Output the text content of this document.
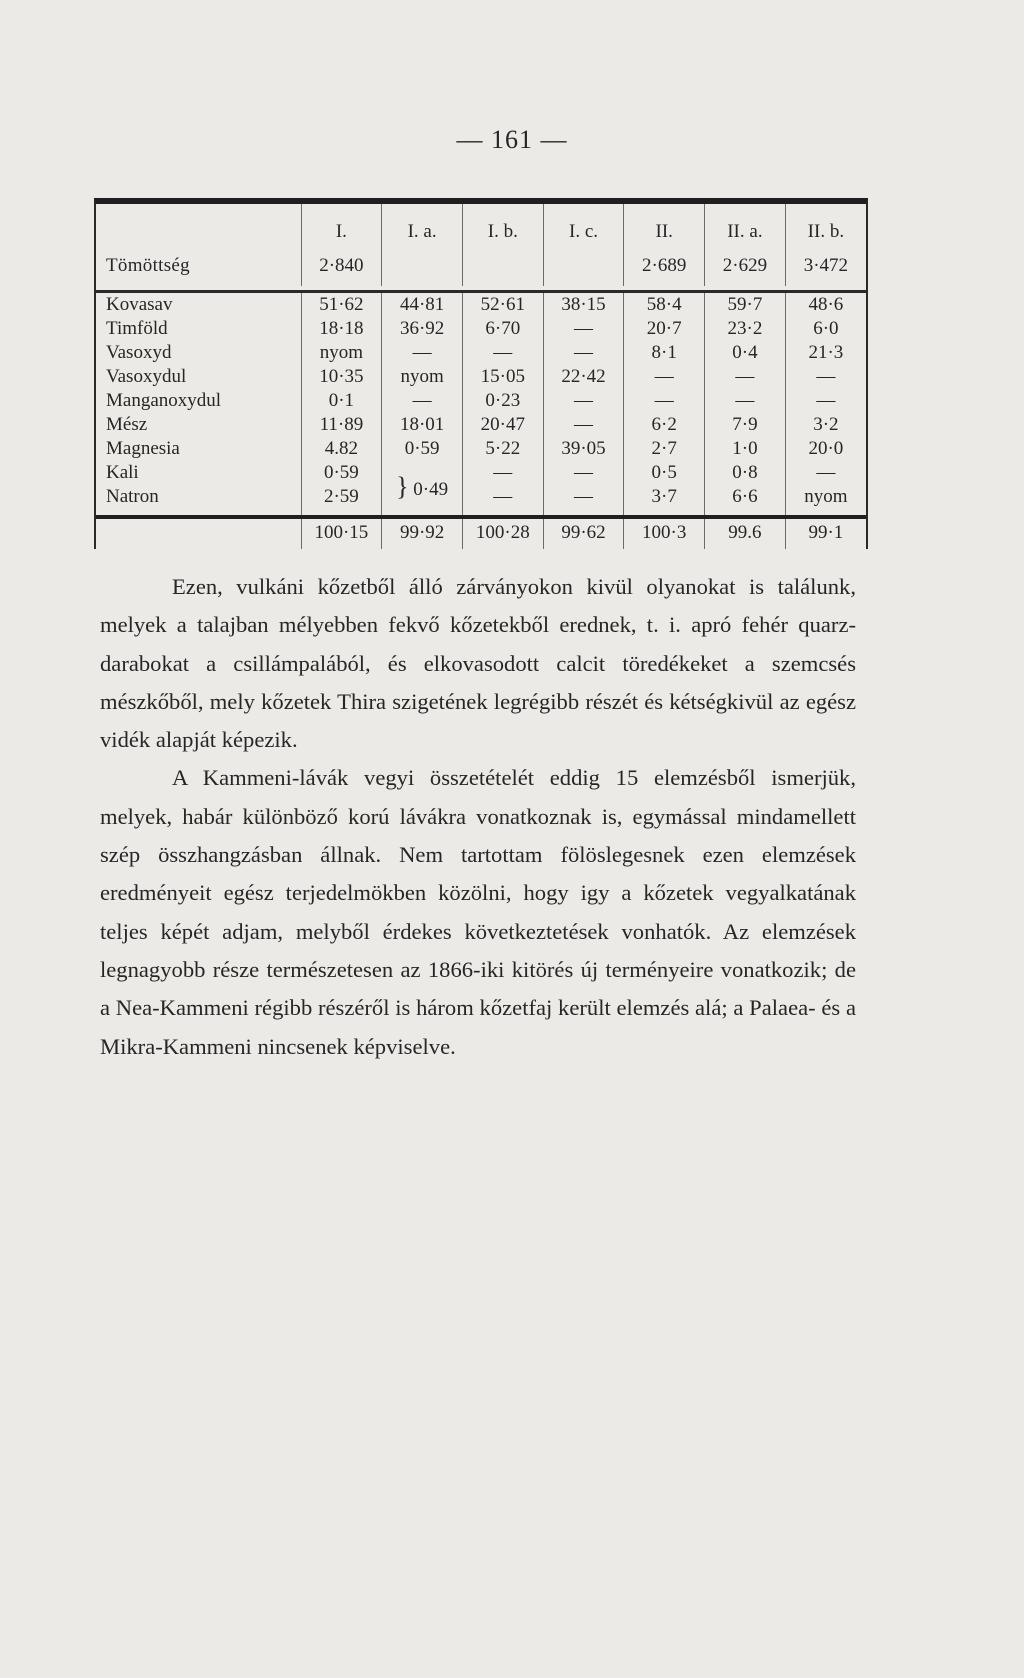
— 161 —
	I.	I. a.	I. b.	I. c.	II.	II. a.	II. b.
Tömöttség	2·840				2·689	2·629	3·472

Kovasav	51·62	44·81	52·61	38·15	58·4	59·7	48·6
Timföld	18·18	36·92	6·70	—	20·7	23·2	6·0
Vasoxyd	nyom	—	—	—	8·1	0·4	21·3
Vasoxydul	10·35	nyom	15·05	22·42	—	—	—
Manganoxydul	0·1	—	0·23	—	—	—	—
Mész	11·89	18·01	20·47	—	6·2	7·9	3·2
Magnesia	4.82	0·59	5·22	39·05	2·7	1·0	20·0
Kali	0·59	} 0·49	—	—	0·5	0·8	—
Natron	2·59		—	—	3·7	6·6	nyom
	100·15	99·92	100·28	99·62	100·3	99.6	99·1

Ezen, vulkáni kőzetből álló zárványokon kivül olyanokat is találunk, melyek a talajban mélyebben fekvő kőzetekből erednek, t. i. apró fehér quarz-darabokat a csillámpalából, és elkovasodott calcit töredékeket a szemcsés mészkőből, mely kőzetek Thira szigetének legrégibb részét és kétségkivül az egész vidék alapját képezik.

A Kammeni-lávák vegyi összetételét eddig 15 elemzésből ismerjük, melyek, habár különböző korú lávákra vonatkoznak is, egymással mindamellett szép összhangzásban állnak. Nem tartottam fölöslegesnek ezen elemzések eredményeit egész terjedelmökben közölni, hogy igy a kőzetek vegyalkatának teljes képét adjam, melyből érdekes következtetések vonhatók. Az elemzések legnagyobb része természetesen az 1866-iki kitörés új terményeire vonatkozik; de a Nea-Kammeni régibb részéről is három kőzetfaj került elemzés alá; a Palaea- és a Mikra-Kammeni nincsenek képviselve.
